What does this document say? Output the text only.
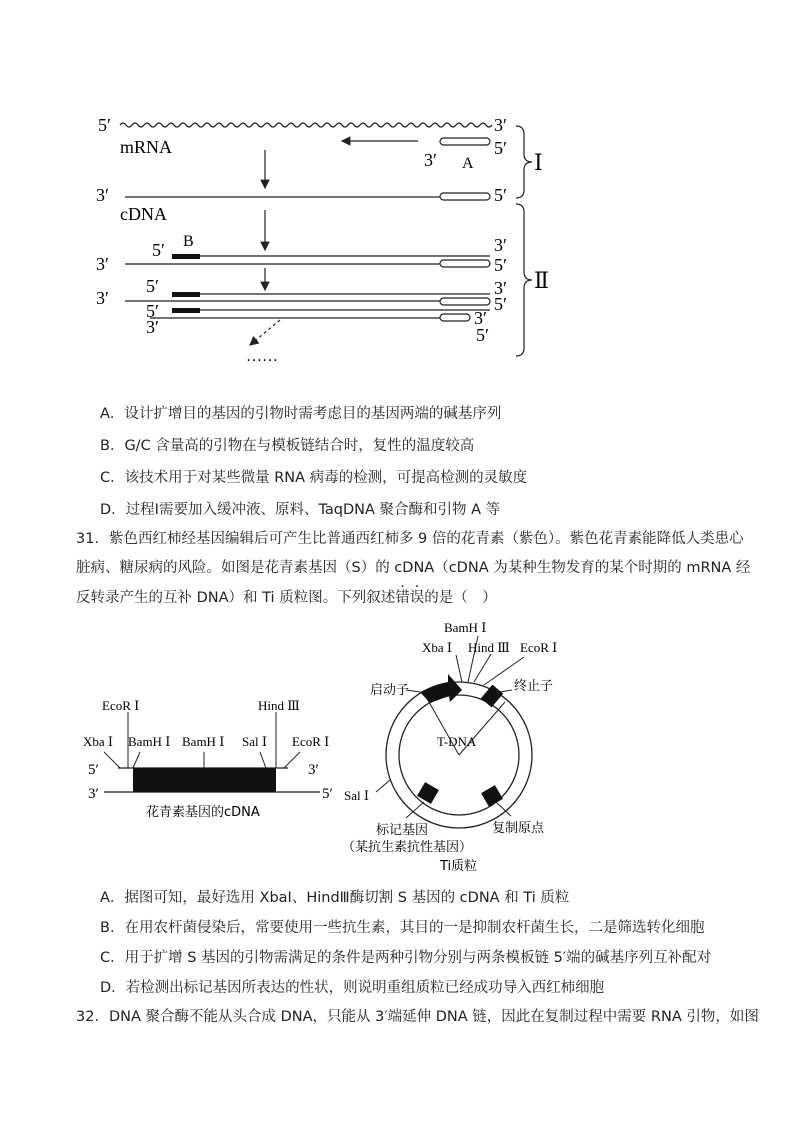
5′	3′
mRNA
3′ A
5′
3′	5′
cDNA
5′ B	3′
3′	5′
5′
3′
5′
3′
3′
5′
3′
5′
……
Ⅰ
Ⅱ
A．设计扩增目的基因的引物时需考虑目的基因两端的碱基序列
B．G/C 含量高的引物在与模板链结合时，复性的温度较高
C．该技术用于对某些微量 RNA 病毒的检测，可提高检测的灵敏度
D．过程Ⅰ需要加入缓冲液、原料、TaqDNA 聚合酶和引物 A 等
31．紫色西红柿经基因编辑后可产生比普通西红柿多 9 倍的花青素（紫色）。紫色花青素能降低人类患心
脏病、糖尿病的风险。如图是花青素基因（S）的 cDNA（cDNA 为某种生物发育的某个时期的 mRNA 经
反转录产生的互补 DNA）和 Ti 质粒图。下列叙述错误的是（　）
EcoR Ⅰ
Xba Ⅰ BamH Ⅰ BamH Ⅰ Sal Ⅰ
Hind Ⅲ
EcoR Ⅰ
5′	3′
3′	5′
花青素基因的cDNA
BamH Ⅰ
Xba Ⅰ Hind Ⅲ EcoR Ⅰ
启动子	终止子
T-DNA
Sal Ⅰ
标记基因
（某抗生素抗性基因）
复制原点
Ti质粒
A．据图可知，最好选用 XbaⅠ、HindⅢ酶切割 S 基因的 cDNA 和 Ti 质粒
B．在用农杆菌侵染后，常要使用一些抗生素，其目的一是抑制农杆菌生长，二是筛选转化细胞
C．用于扩增 S 基因的引物需满足的条件是两种引物分别与两条模板链 5′端的碱基序列互补配对
D．若检测出标记基因所表达的性状，则说明重组质粒已经成功导入西红柿细胞
32．DNA 聚合酶不能从头合成 DNA，只能从 3′端延伸 DNA 链，因此在复制过程中需要 RNA 引物，如图
